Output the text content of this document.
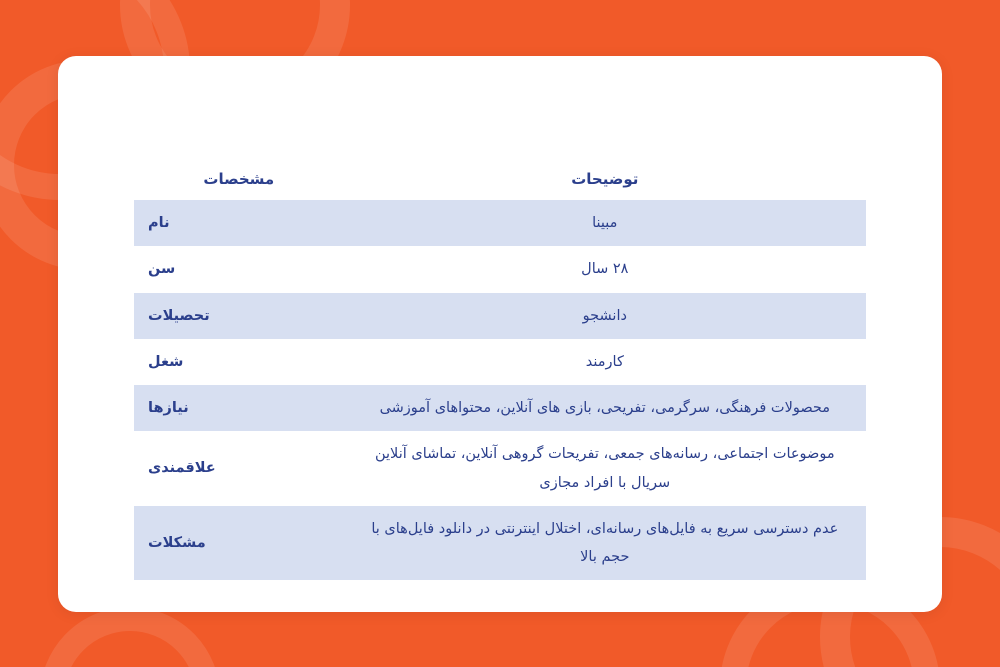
توضیحات	مشخصات
مبینا	نام
۲۸ سال	سن
دانشجو	تحصیلات
کارمند	شغل
محصولات فرهنگی، سرگرمی، تفریحی، بازی های آنلاین، محتواهای آموزشی	نیازها
موضوعات اجتماعی، رسانه‌های جمعی، تفریحات گروهی آنلاین، تماشای آنلاین سریال با افراد مجازی	علاقمندی
عدم دسترسی سریع به فایل‌های رسانه‌ای، اختلال اینترنتی در دانلود فایل‌های با حجم بالا	مشکلات
